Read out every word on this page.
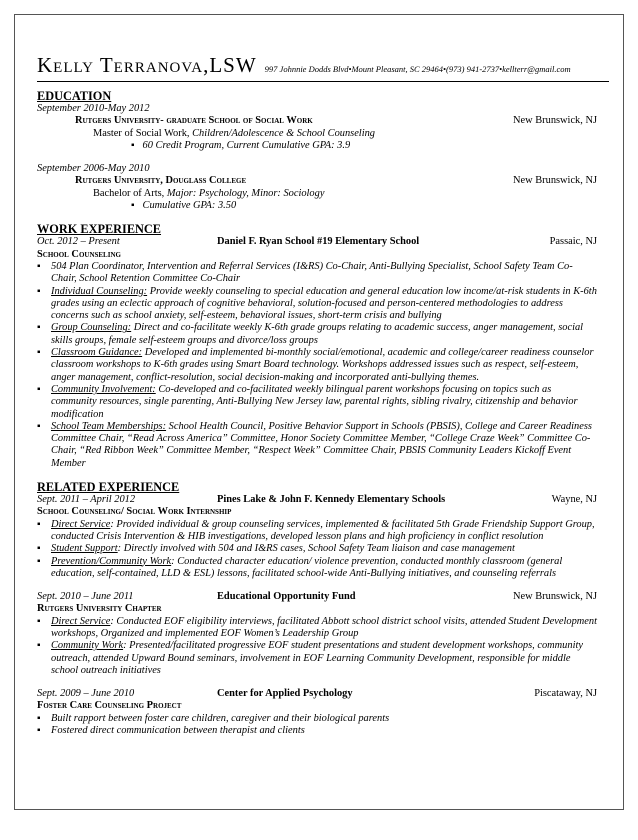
Kelly Terranova,LSW 997 Johnnie Dodds Blvd•Mount Pleasant, SC 29464•(973) 941-2737•kellterr@gmail.com
EDUCATION
September 2010-May 2012
Rutgers University- graduate School of Social Work	New Brunswick, NJ
Master of Social Work, Children/Adolescence & School Counseling
▪ 60 Credit Program, Current Cumulative GPA: 3.9
September 2006-May 2010
Rutgers University, Douglass College	New Brunswick, NJ
Bachelor of Arts, Major: Psychology, Minor: Sociology
▪ Cumulative GPA: 3.50
WORK EXPERIENCE
Oct. 2012 – Present	Daniel F. Ryan School #19 Elementary School	Passaic, NJ
School Counseling
▪ 504 Plan Coordinator, Intervention and Referral Services (I&RS) Co-Chair, Anti-Bullying Specialist, School Safety Team Co-Chair, School Retention Committee Co-Chair
▪ Individual Counseling: Provide weekly counseling to special education and general education low income/at-risk students in K-6th grades using an eclectic approach of cognitive behavioral, solution-focused and person-centered methodologies to address concerns such as school anxiety, self-esteem, behavioral issues, short-term crisis and bullying
▪ Group Counseling: Direct and co-facilitate weekly K-6th grade groups relating to academic success, anger management, social skills groups, female self-esteem groups and divorce/loss groups
▪ Classroom Guidance: Developed and implemented bi-monthly social/emotional, academic and college/career readiness counselor classroom workshops to K-6th grades using Smart Board technology. Workshops addressed issues such as respect, self-esteem, anger management, conflict-resolution, social decision-making and incorporated anti-bullying themes.
▪ Community Involvement: Co-developed and co-facilitated weekly bilingual parent workshops focusing on topics such as community resources, single parenting, Anti-Bullying New Jersey law, parental rights, sibling rivalry, citizenship and behavior modification
▪ School Team Memberships: School Health Council, Positive Behavior Support in Schools (PBSIS), College and Career Readiness Committee Chair, “Read Across America” Committee, Honor Society Committee Member, “College Craze Week” Committee Co-Chair, “Red Ribbon Week” Committee Member, “Respect Week” Committee Chair, PBSIS Community Leaders Kickoff Event Member
RELATED EXPERIENCE
Sept. 2011 – April 2012	Pines Lake & John F. Kennedy Elementary Schools	Wayne, NJ
School Counseling/ Social Work Internship
▪ Direct Service: Provided individual & group counseling services, implemented & facilitated 5th Grade Friendship Support Group, conducted Crisis Intervention & HIB investigations, developed lesson plans and high proficiency in conflict resolution
▪ Student Support: Directly involved with 504 and I&RS cases, School Safety Team liaison and case management
▪ Prevention/Community Work: Conducted character education/ violence prevention, conducted monthly classroom (general education, self-contained, LLD & ESL) lessons, facilitated school-wide Anti-Bullying initiatives, and counseling referrals
Sept. 2010 – June 2011	Educational Opportunity Fund	New Brunswick, NJ
Rutgers University Chapter
▪ Direct Service: Conducted EOF eligibility interviews, facilitated Abbott school district school visits, attended Student Development workshops, Organized and implemented EOF Women’s Leadership Group
▪ Community Work: Presented/facilitated progressive EOF student presentations and student development workshops, community outreach, attended Upward Bound seminars, involvement in EOF Learning Community Development, responsible for middle school outreach initiatives
Sept. 2009 – June 2010	Center for Applied Psychology	Piscataway, NJ
Foster Care Counseling Project
▪ Built rapport between foster care children, caregiver and their biological parents
▪ Fostered direct communication between therapist and clients
